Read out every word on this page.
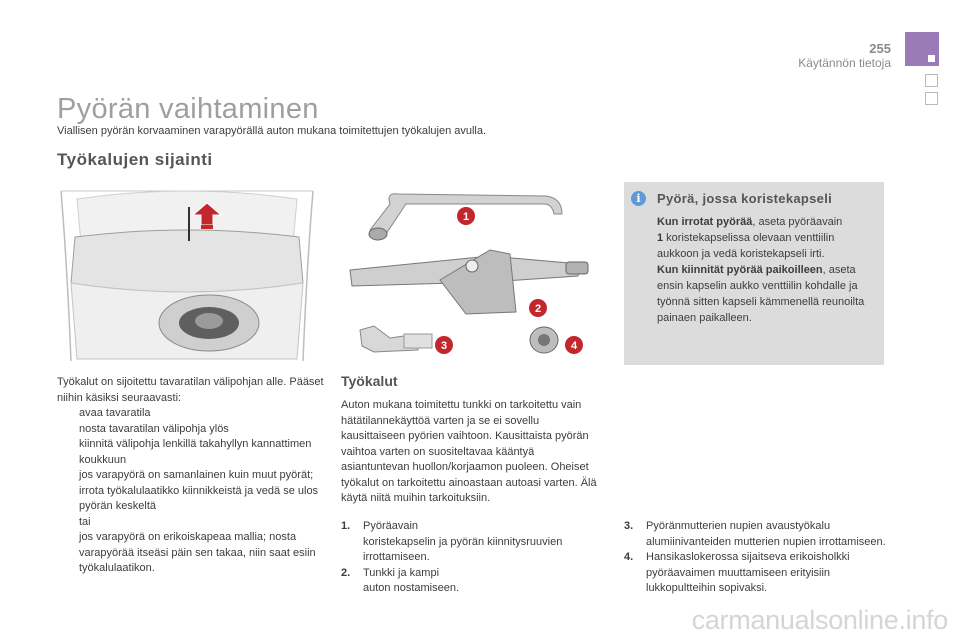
255
Käytännön tietoja
Pyörän vaihtaminen
Viallisen pyörän korvaaminen varapyörällä auton mukana toimitettujen työkalujen avulla.
Työkalujen sijainti
1
2
3	4
Työkalut on sijoitettu tavaratilan välipohjan alle. Pääset niihin käsiksi seuraavasti:
avaa tavaratila
nosta tavaratilan välipohja ylös
kiinnitä välipohja lenkillä takahyllyn kannattimen koukkuun
jos varapyörä on samanlainen kuin muut pyörät; irrota työkalulaatikko kiinnikkeistä ja vedä se ulos pyörän keskeltä
tai
jos varapyörä on erikoiskapeaa mallia; nosta varapyörää itseäsi päin sen takaa, niin saat esiin työkalulaatikon.
Työkalut
Auton mukana toimitettu tunkki on tarkoitettu vain hätätilannekäyttöä varten ja se ei sovellu kausittaiseen pyörien vaihtoon. Kausittaista pyörän vaihtoa varten on suositeltavaa kääntyä asiantuntevan huollon/korjaamon puoleen. Oheiset työkalut on tarkoitettu ainoastaan autoasi varten. Älä käytä niitä muihin tarkoituksiin.
1. Pyöräavain
koristekapselin ja pyörän kiinnitysruuvien irrottamiseen.
2. Tunkki ja kampi
auton nostamiseen.
3. Pyöränmutterien nupien avaustyökalu alumiinivanteiden mutterien nupien irrottamiseen.
4. Hansikaslokerossa sijaitseva erikoisholkki pyöräavaimen muuttamiseen erityisiin lukkopultteihin sopivaksi.
i	Pyörä, jossa koristekapseli
Kun irrotat pyörää, aseta pyöräavain
1 koristekapselissa olevaan venttiilin aukkoon ja vedä koristekapseli irti.
Kun kiinnität pyörää paikoilleen, aseta ensin kapselin aukko venttiilin kohdalle ja työnnä sitten kapseli kämmenellä reunoilta painaen paikalleen.
carmanualsonline.info
